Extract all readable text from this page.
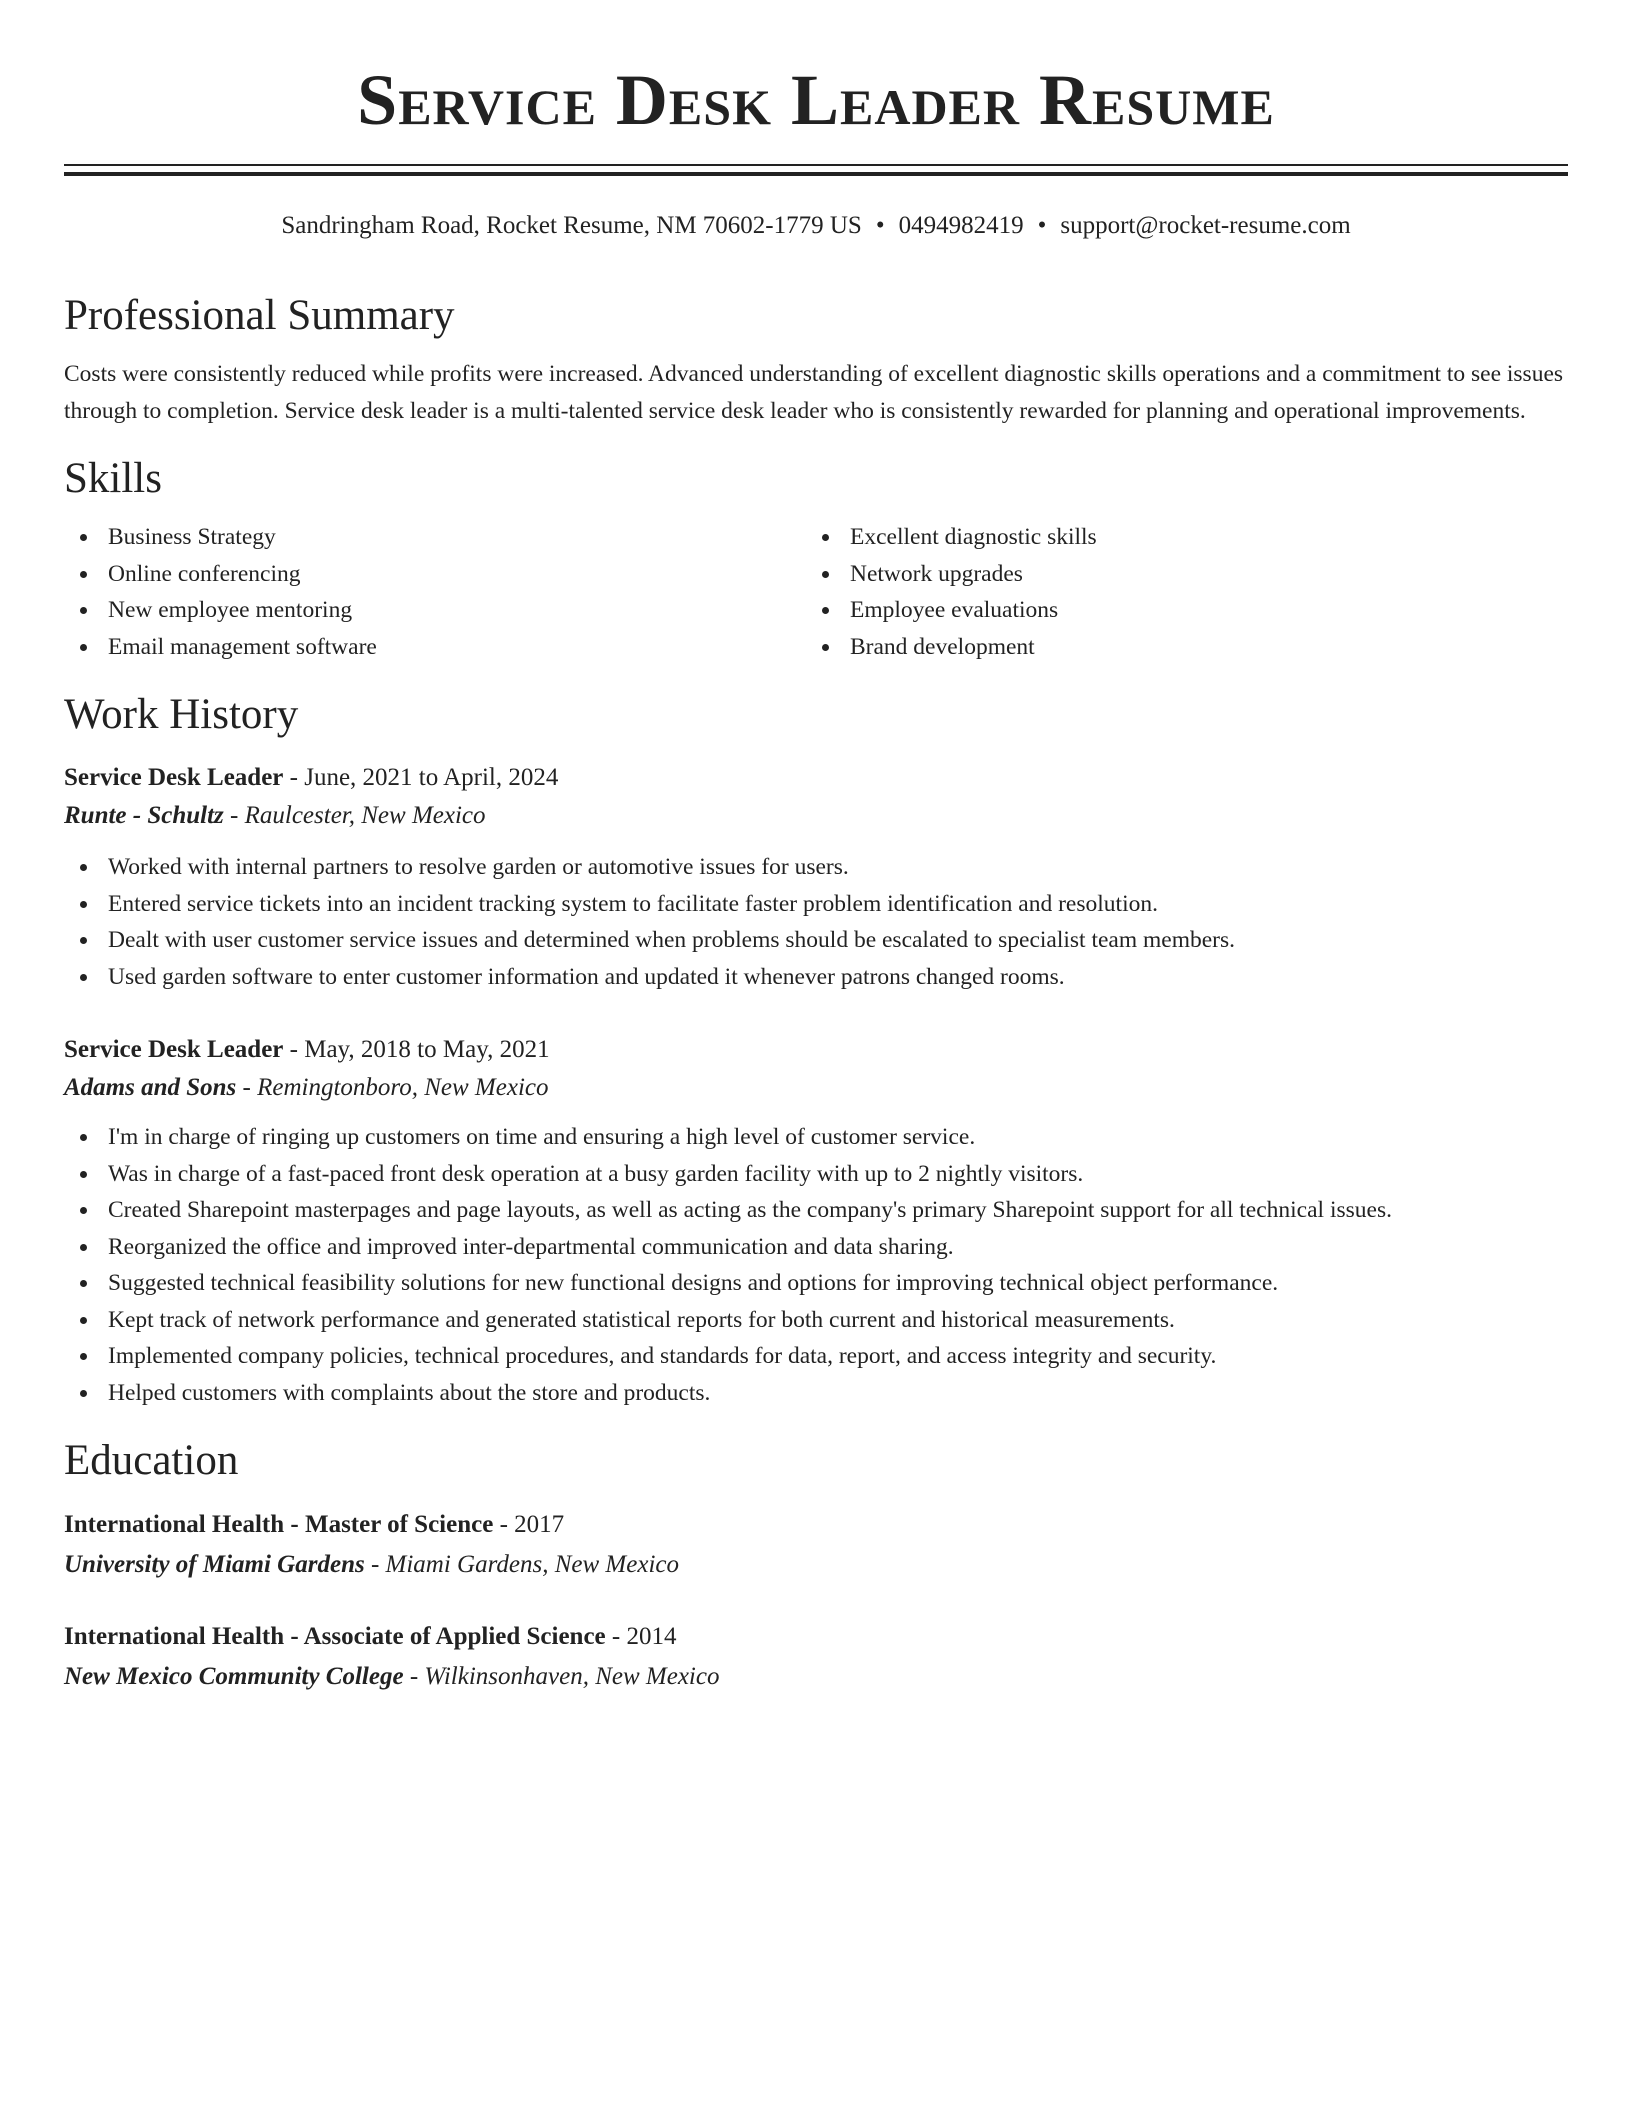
Service Desk Leader Resume
Sandringham Road, Rocket Resume, NM 70602-1779 US • 0494982419 • support@rocket-resume.com
Professional Summary

Costs were consistently reduced while profits were increased. Advanced understanding of excellent diagnostic skills operations and a commitment to see issues through to completion. Service desk leader is a multi-talented service desk leader who is consistently rewarded for planning and operational improvements.

Skills
Business Strategy
Online conferencing
New employee mentoring
Email management software
Excellent diagnostic skills
Network upgrades
Employee evaluations
Brand development
Work History
Service Desk Leader - June, 2021 to April, 2024
Runte - Schultz - Raulcester, New Mexico
Worked with internal partners to resolve garden or automotive issues for users.
Entered service tickets into an incident tracking system to facilitate faster problem identification and resolution.
Dealt with user customer service issues and determined when problems should be escalated to specialist team members.
Used garden software to enter customer information and updated it whenever patrons changed rooms.
Service Desk Leader - May, 2018 to May, 2021
Adams and Sons - Remingtonboro, New Mexico
I'm in charge of ringing up customers on time and ensuring a high level of customer service.
Was in charge of a fast-paced front desk operation at a busy garden facility with up to 2 nightly visitors.
Created Sharepoint masterpages and page layouts, as well as acting as the company's primary Sharepoint support for all technical issues.
Reorganized the office and improved inter-departmental communication and data sharing.
Suggested technical feasibility solutions for new functional designs and options for improving technical object performance.
Kept track of network performance and generated statistical reports for both current and historical measurements.
Implemented company policies, technical procedures, and standards for data, report, and access integrity and security.
Helped customers with complaints about the store and products.
Education
International Health - Master of Science - 2017
University of Miami Gardens - Miami Gardens, New Mexico
International Health - Associate of Applied Science - 2014
New Mexico Community College - Wilkinsonhaven, New Mexico
